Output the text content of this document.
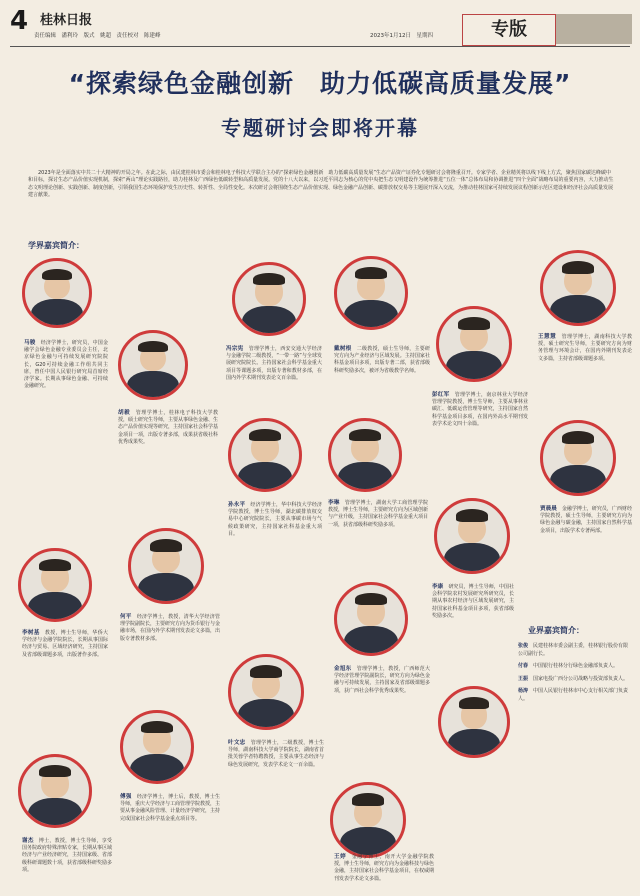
4 桂林日报
责任编辑　潘利玲　版式　姚超　责任校对　陈建峰	2023年1月12日　星期四	专版
“探索绿色金融创新　助力低碳高质量发展”
专题研讨会即将开幕
2023年是全面落实中共二十大精神的开局之年。在此之际，由民建桂林市委会和桂林电子科技大学联合主办的“探索绿色金融创新　助力低碳高质量发展”生态产品资产证券化专题研讨会将隆重召开。专家学者、企业精英将以线下线上方式，聚焦国家碳达峰碳中和目标，探讨生态产品价值实现机制，探索“两山”理论实践路径，助力桂林及广西绿色低碳转型和高质量发展。党的十八大以来，以习近平同志为核心的党中央把生态文明建设作为统筹推进“五位一体”总体布局和协调推进“四个全面”战略布局的重要内容，大力推动生态文明理论创新、实践创新、制度创新，引领我国生态环境保护发生历史性、转折性、全局性变化。本次研讨会将围绕生态产品价值实现、绿色金融产品创新、碳排放权交易等主题展开深入交流，为推动桂林国家可持续发展议程创新示范区建设和经济社会高质量发展建言献策。
学界嘉宾简介：
业界嘉宾简介：
马骏　 经济学博士，研究员，中国金融学会绿色金融专业委员会主任，北京绿色金融与可持续发展研究院院长，G20可持续金融工作组共同主席，曾任中国人民银行研究局首席经济学家。长期从事绿色金融、可持续金融研究。
冯宗宪　 管理学博士，西安交通大学经济与金融学院二级教授，“一带一路”与全球发展研究院院长。主持国家社会科学基金重大项目等课题多项，出版专著和教材多部，在国内外学术期刊发表论文百余篇。
戴树根　 二级教授，硕士生导师，主要研究方向为产业经济与区域发展。主持国家社科基金项目多项，出版专著二部，获省部级科研奖励多次，被评为省级教学名师。
王慧慧　 管理学博士，湖南科技大学教授，硕士研究生导师，主要研究方向为财务管理与环境会计，在国内外期刊发表论文多篇，主持省部级课题多项。
彭红军　 管理学博士，南京林业大学经济管理学院教授，博士生导师，主要从事林业碳汇、低碳运营管理等研究，主持国家自然科学基金项目多项，在国内外高水平期刊发表学术论文四十余篇。
胡毅　 管理学博士，桂林电子科技大学教授，硕士研究生导师，主要从事绿色金融、生态产品价值实现等研究，主持国家社会科学基金项目一项，出版专著多部，成果获省级社科优秀成果奖。
李琳　 管理学博士，湖南大学工商管理学院教授，博士生导师，主要研究方向为区域创新与产业升级，主持国家社会科学基金重大项目一项，获省部级科研奖励多项。
贾晨晨　 金融学博士，研究员，广西财经学院教授，硕士生导师，主要研究方向为绿色金融与碳金融，主持国家自然科学基金项目，出版学术专著两部。
孙永平　 经济学博士，华中科技大学经济学院教授，博士生导师，湖北碳排放权交易中心研究院院长，主要从事碳市场与气候政策研究，主持国家社科基金重大项目。
李树基　 教授，博士生导师，华侨大学经济与金融学院院长，长期从事国际经济与贸易、区域经济研究，主持国家及省部级课题多项，出版著作多部。
何平　 经济学博士，教授，清华大学经济管理学院副院长，主要研究方向为货币银行与金融市场，在国内外学术期刊发表论文多篇，出版专著教材多部。
李康　 研究员，博士生导师，中国社会科学院农村发展研究所研究员，长期从事农村经济与区域发展研究，主持国家社科基金项目多项，获省部级奖励多次。
叶文忠　 管理学博士，二级教授，博士生导师，湖南科技大学商学院院长，湖南省首批芙蓉学者特聘教授，主要从事生态经济与绿色发展研究，发表学术论文一百余篇。
金旭东　 管理学博士，教授，广西师范大学经济管理学院副院长，研究方向为绿色金融与可持续发展，主持国家及省部级课题多项，获广西社会科学优秀成果奖。
傅强　 经济学博士，博士后，教授，博士生导师，重庆大学经济与工商管理学院教授，主要从事金融风险管理、计量经济学研究，主持完成国家社会科学基金重点项目等。
谢杰　 博士，教授，博士生导师，享受国务院政府特殊津贴专家，长期从事区域经济与产业经济研究，主持国家级、省部级科研课题数十项，获省部级科研奖励多项。
王婷　 金融学博士，南开大学金融学院教授，博士生导师，研究方向为金融科技与绿色金融，主持国家社会科学基金项目，在权威期刊发表学术论文多篇。

张俊　 民建桂林市委会副主委，桂林银行股份有限公司副行长。

付春　 中国银行桂林分行绿色金融部负责人。

王振　 国家电投广西分公司战略与投资部负责人。

杨涛　 中国人民银行桂林市中心支行相关部门负责人。
